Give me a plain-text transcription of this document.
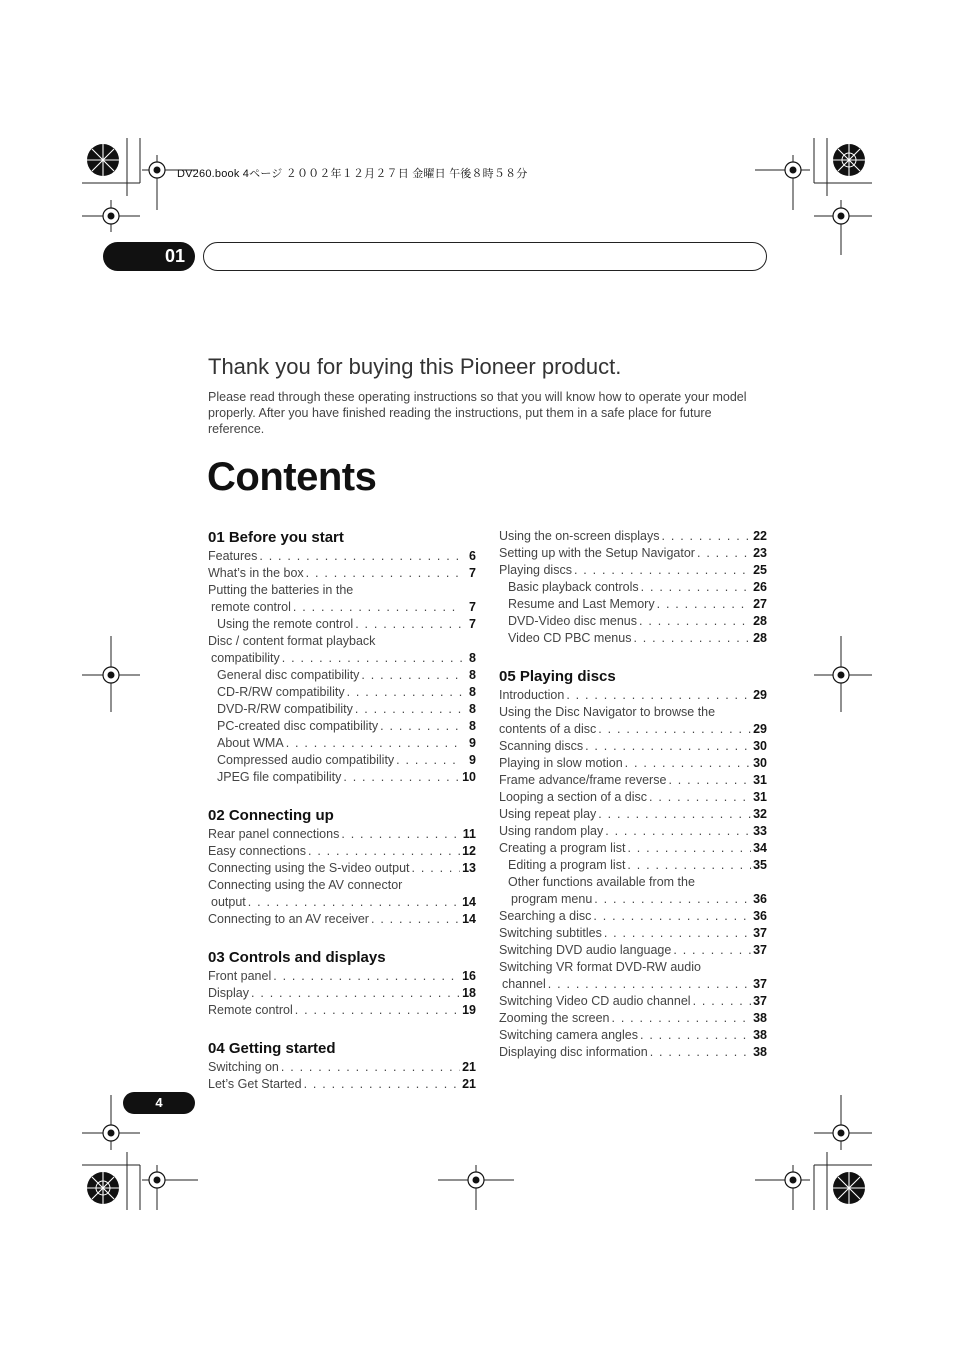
DV260.book 4ページ ２００２年１２月２７日 金曜日 午後８時５８分
01
Thank you for buying this Pioneer product.
Please read through these operating instructions so that you will know how to operate your model properly. After you have finished reading the instructions, put them in a safe place for future reference.
Contents
01 Before you start
Features . . .	6
What’s in the box . . .	7
Putting the batteries in the
remote control . . .	7
Using the remote control . . .	7
Disc / content format playback
compatibility . . .	8
General disc compatibility . . .	8
CD-R/RW compatibility . . .	8
DVD-R/RW compatibility . . .	8
PC-created disc compatibility . . .	8
About WMA . . .	9
Compressed audio compatibility . . .	9
JPEG file compatibility . . .	10
02 Connecting up
Rear panel connections . . .	11
Easy connections . . .	12
Connecting using the S-video output . . .	13
Connecting using the AV connector
output . . .	14
Connecting to an AV receiver . . .	14
03 Controls and displays
Front panel . . .	16
Display . . .	18
Remote control . . .	19
04 Getting started
Switching on . . .	21
Let’s Get Started . . .	21
Using the on-screen displays . . .	22
Setting up with the Setup Navigator . . .	23
Playing discs . . .	25
Basic playback controls . . .	26
Resume and Last Memory . . .	27
DVD-Video disc menus . . .	28
Video CD PBC menus . . .	28
05 Playing discs
Introduction . . .	29
Using the Disc Navigator to browse the
contents of a disc . . .	29
Scanning discs . . .	30
Playing in slow motion . . .	30
Frame advance/frame reverse . . .	31
Looping a section of a disc . . .	31
Using repeat play . . .	32
Using random play . . .	33
Creating a program list . . .	34
Editing a program list . . .	35
Other functions available from the
program menu . . .	36
Searching a disc . . .	36
Switching subtitles . . .	37
Switching DVD audio language . . .	37
Switching VR format DVD-RW audio
channel . . .	37
Switching Video CD audio channel . . .	37
Zooming the screen . . .	38
Switching camera angles . . .	38
Displaying disc information . . .	38
4
